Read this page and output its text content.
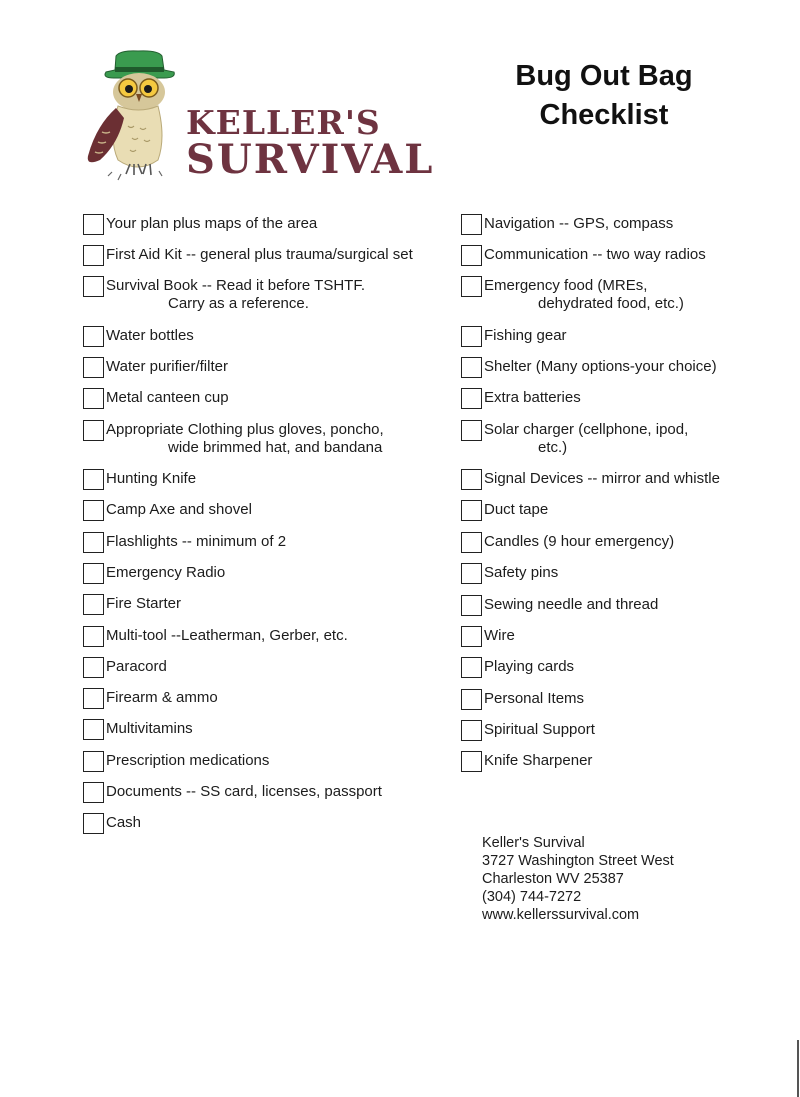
KELLER'S
SURVIVAL
Bug Out Bag
Checklist
Your plan plus maps of the area
First Aid Kit -- general plus trauma/surgical set
Survival Book -- Read it before TSHTF.
Carry as a reference.
Water bottles
Water purifier/filter
Metal canteen cup
Appropriate Clothing plus gloves, poncho,
wide brimmed hat, and bandana
Hunting Knife
Camp Axe and shovel
Flashlights -- minimum of 2
Emergency Radio
Fire Starter
Multi-tool --Leatherman, Gerber, etc.
Paracord
Firearm & ammo
Multivitamins
Prescription medications
Documents -- SS card, licenses, passport
Cash
Navigation -- GPS, compass
Communication -- two way radios
Emergency food (MREs,
dehydrated food, etc.)
Fishing gear
Shelter (Many options-your choice)
Extra batteries
Solar charger (cellphone, ipod,
etc.)
Signal Devices -- mirror and whistle
Duct tape
Candles (9 hour emergency)
Safety pins
Sewing needle and thread
Wire
Playing cards
Personal Items
Spiritual Support
Knife Sharpener
Keller's Survival
3727 Washington Street West
Charleston WV 25387
(304) 744-7272
www.kellerssurvival.com
